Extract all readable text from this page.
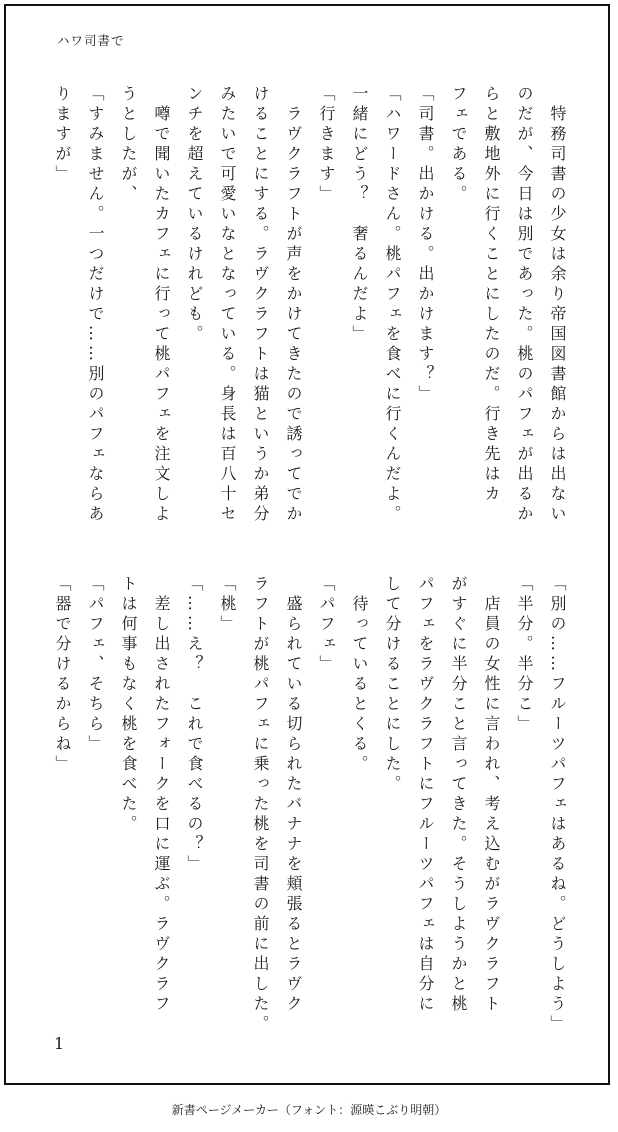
ハワ司書で
特務司書の少女は余り帝国図書館からは出ない
のだが、今日は別であった。桃のパフェが出るか
らと敷地外に行くことにしたのだ。行き先はカ
フェである。
「司書。出かける。出かけます？」
「ハワードさん。桃パフェを食べに行くんだよ。
一緒にどう？　奢るんだよ」
「行きます」
ラヴクラフトが声をかけてきたので誘ってでか
けることにする。ラヴクラフトは猫というか弟分
みたいで可愛いなとなっている。身長は百八十セ
ンチを超えているけれども。
噂で聞いたカフェに行って桃パフェを注文しよ
うとしたが、
「すみません。一つだけで……別のパフェならあ
りますが」
「別の……フルーツパフェはあるね。どうしよう」
「半分。半分こ」
店員の女性に言われ、考え込むがラヴクラフト
がすぐに半分こと言ってきた。そうしようかと桃
パフェをラヴクラフトにフルーツパフェは自分に
して分けることにした。
待っているとくる。
「パフェ」
盛られている切られたバナナを頬張るとラヴク
ラフトが桃パフェに乗った桃を司書の前に出した。
「桃」
「……え？　これで食べるの？」
差し出されたフォークを口に運ぶ。ラヴクラフ
トは何事もなく桃を食べた。
「パフェ、そちら」
「器で分けるからね」
1
新書ページメーカー（フォント：源暎こぶり明朝）
